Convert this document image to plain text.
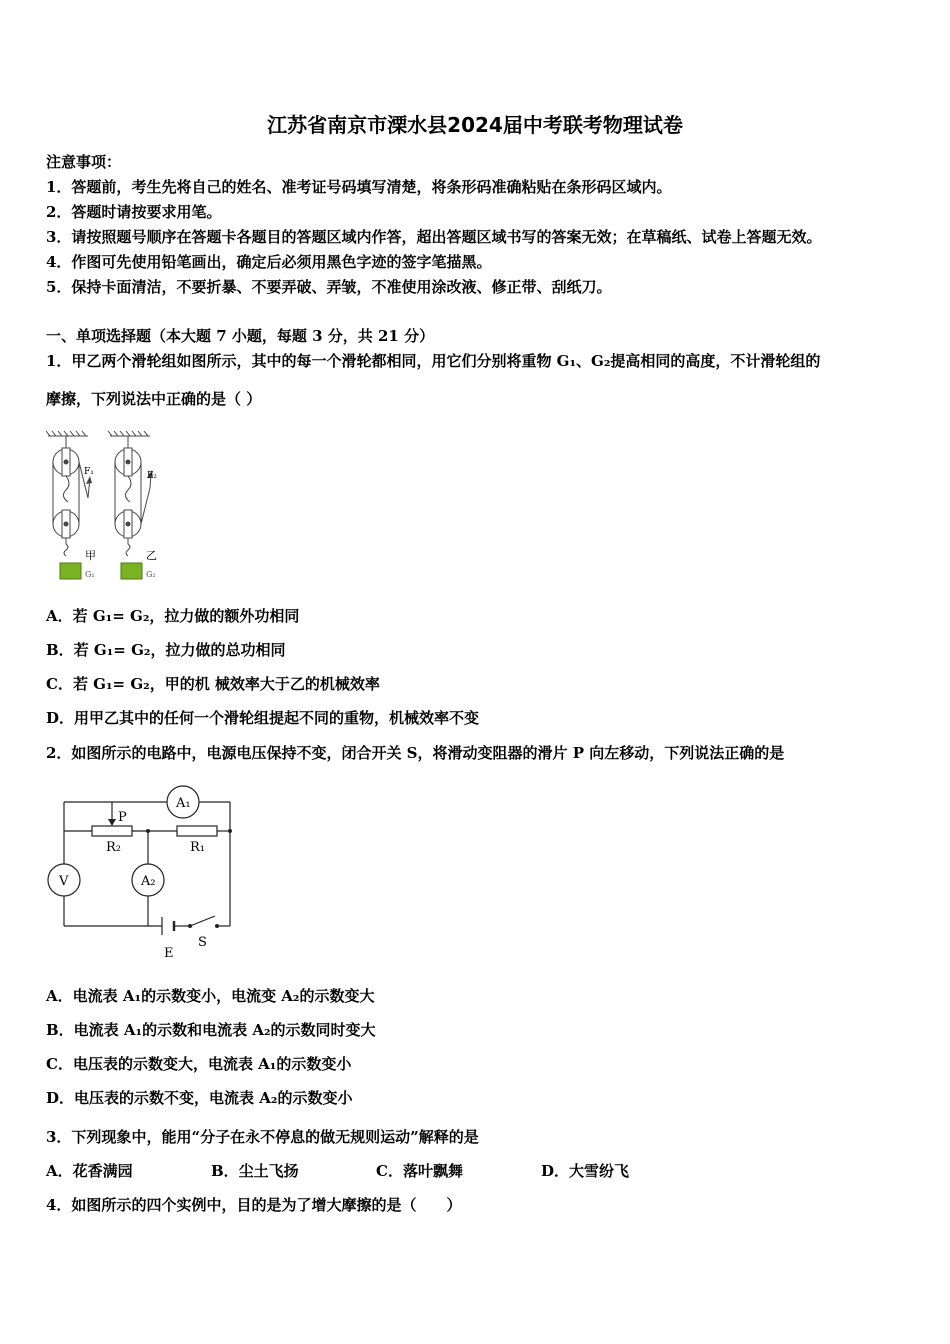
江苏省南京市溧水县2024届中考联考物理试卷
注意事项：
1．答题前，考生先将自己的姓名、准考证号码填写清楚，将条形码准确粘贴在条形码区域内。
2．答题时请按要求用笔。
3．请按照题号顺序在答题卡各题目的答题区域内作答，超出答题区域书写的答案无效；在草稿纸、试卷上答题无效。
4．作图可先使用铅笔画出，确定后必须用黑色字迹的签字笔描黑。
5．保持卡面清洁，不要折暴、不要弄破、弄皱，不准使用涂改液、修正带、刮纸刀。
一、单项选择题（本大题 7 小题，每题 3 分，共 21 分）
1．甲乙两个滑轮组如图所示，其中的每一个滑轮都相同，用它们分别将重物 G₁、G₂提高相同的高度，不计滑轮组的
摩擦，下列说法中正确的是（ ）
F₁	F₂
甲	乙
G₁	G₂
A．若 G₁= G₂，拉力做的额外功相同
B．若 G₁= G₂，拉力做的总功相同
C．若 G₁= G₂，甲的机 械效率大于乙的机械效率
D．用甲乙其中的任何一个滑轮组提起不同的重物，机械效率不变
2．如图所示的电路中，电源电压保持不变，闭合开关 S，将滑动变阻器的滑片 P 向左移动，下列说法正确的是
A₁
V	A₂
P
R₂	R₁
E
S
A．电流表 A₁的示数变小，电流变 A₂的示数变大
B．电流表 A₁的示数和电流表 A₂的示数同时变大
C．电压表的示数变大，电流表 A₁的示数变小
D．电压表的示数不变，电流表 A₂的示数变小
3．下列现象中，能用“分子在永不停息的做无规则运动”解释的是
A．花香满园	B．尘土飞扬	C．落叶飘舞	D．大雪纷飞
4．如图所示的四个实例中，目的是为了增大摩擦的是（　　）
